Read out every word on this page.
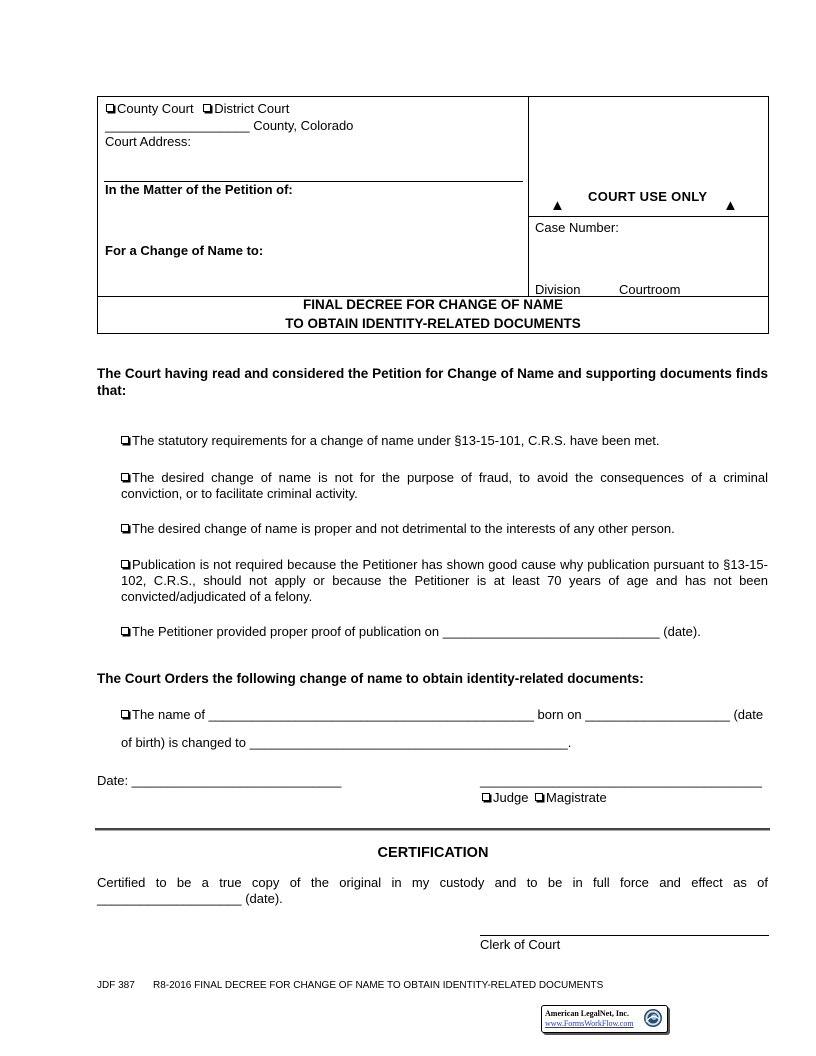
County Court District Court
____________________ County, Colorado
Court Address:
In the Matter of the Petition of:
For a Change of Name to:
COURT USE ONLY
▲	▲
Case Number:
Division	Courtroom
FINAL DECREE FOR CHANGE OF NAME
TO OBTAIN IDENTITY-RELATED DOCUMENTS
The Court having read and considered the Petition for Change of Name and supporting documents finds that:
The statutory requirements for a change of name under §13-15-101, C.R.S. have been met.
The desired change of name is not for the purpose of fraud, to avoid the consequences of a criminal conviction, or to facilitate criminal activity.
The desired change of name is proper and not detrimental to the interests of any other person.
Publication is not required because the Petitioner has shown good cause why publication pursuant to §13-15-102, C.R.S., should not apply or because the Petitioner is at least 70 years of age and has not been convicted/adjudicated of a felony.
The Petitioner provided proper proof of publication on ______________________________ (date).
The Court Orders the following change of name to obtain identity-related documents:
The name of _____________________________________________ born on ____________________ (date
of birth) is changed to ____________________________________________.
Date: _____________________________	_______________________________________
Judge Magistrate
CERTIFICATION
Certified to be a true copy of the original in my custody and to be in full force and effect as of ____________________ (date).
Clerk of Court
JDF 387 R8-2016 FINAL DECREE FOR CHANGE OF NAME TO OBTAIN IDENTITY-RELATED DOCUMENTS
American LegalNet, Inc.
www.FormsWorkFlow.com
